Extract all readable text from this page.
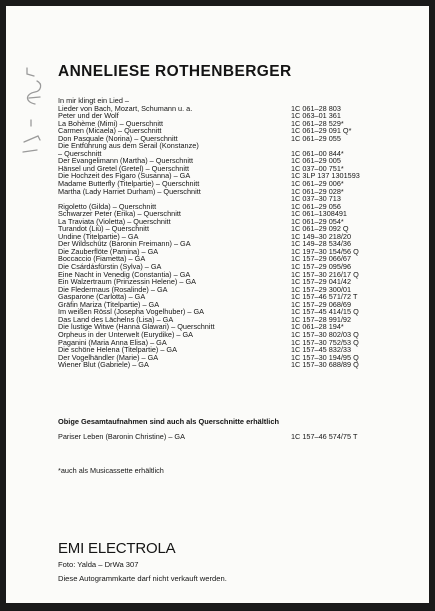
ANNELIESE ROTHENBERGER
In mir klingt ein Lied –
Lieder von Bach, Mozart, Schumann u. a.	1C 061–28 803
Peter und der Wolf	1C 063–01 361
La Bohème (Mimi) – Querschnitt	1C 061–28 529*
Carmen (Micaela) – Querschnitt	1C 061–29 091 Q*
Don Pasquale (Norina) – Querschnitt	1C 061–29 055
Die Entführung aus dem Serail (Konstanze)
– Querschnitt	1C 061–00 844*
Der Evangelimann (Martha) – Querschnitt	1C 061–29 005
Hänsel und Gretel (Gretel) – Querschnitt	1C 037–00 751*
Die Hochzeit des Figaro (Susanna) – GA	1C 3LP 137 1301593
Madame Butterfly (Titelpartie) – Querschnitt	1C 061–29 006*
Martha (Lady Harriet Durham) – Querschnitt	1C 061–29 028*
1C 037–30 713
Rigoletto (Gilda) – Querschnitt	1C 061–29 056
Schwarzer Peter (Erika) – Querschnitt	1C 061–1308491
La Traviata (Violetta) – Querschnitt	1C 061–29 054*
Turandot (Liù) – Querschnitt	1C 061–29 092 Q
Undine (Titelpartie) – GA	1C 149–30 218/20
Der Wildschütz (Baronin Freimann) – GA	1C 149–28 534/36
Die Zauberflöte (Pamina) – GA	1C 197–30 154/56 Q
Boccaccio (Fiametta) – GA	1C 157–29 066/67
Die Csárdásfürstin (Sylva) – GA	1C 157–29 095/96
Eine Nacht in Venedig (Constantia) – GA	1C 157–30 216/17 Q
Ein Walzertraum (Prinzessin Helene) – GA	1C 157–29 041/42
Die Fledermaus (Rosalinde) – GA	1C 157–29 300/01
Gasparone (Carlotta) – GA	1C 157–46 571/72 T
Gräfin Mariza (Titelpartie) – GA	1C 157–29 068/69
Im weißen Rössl (Josepha Vogelhuber) – GA	1C 157–45 414/15 Q
Das Land des Lächelns (Lisa) – GA	1C 157–28 991/92
Die lustige Witwe (Hanna Glawari) – Querschnitt	1C 061–28 194*
Orpheus in der Unterwelt (Eurydike) – GA	1C 157–30 802/03 Q
Paganini (Maria Anna Elisa) – GA	1C 157–30 752/53 Q
Die schöne Helena (Titelpartie) – GA	1C 157–45 832/33
Der Vogelhändler (Marie) – GA	1C 157–30 194/95 Q
Wiener Blut (Gabriele) – GA	1C 157–30 688/89 Q

Obige Gesamtaufnahmen sind auch als Querschnitte erhältlich

Pariser Leben (Baronin Christine) – GA	1C 157–46 574/75 T

*auch als Musicassette erhältlich

EMI ELECTROLA

Foto: Yalda – DrWa 307

Diese Autogrammkarte darf nicht verkauft werden.
